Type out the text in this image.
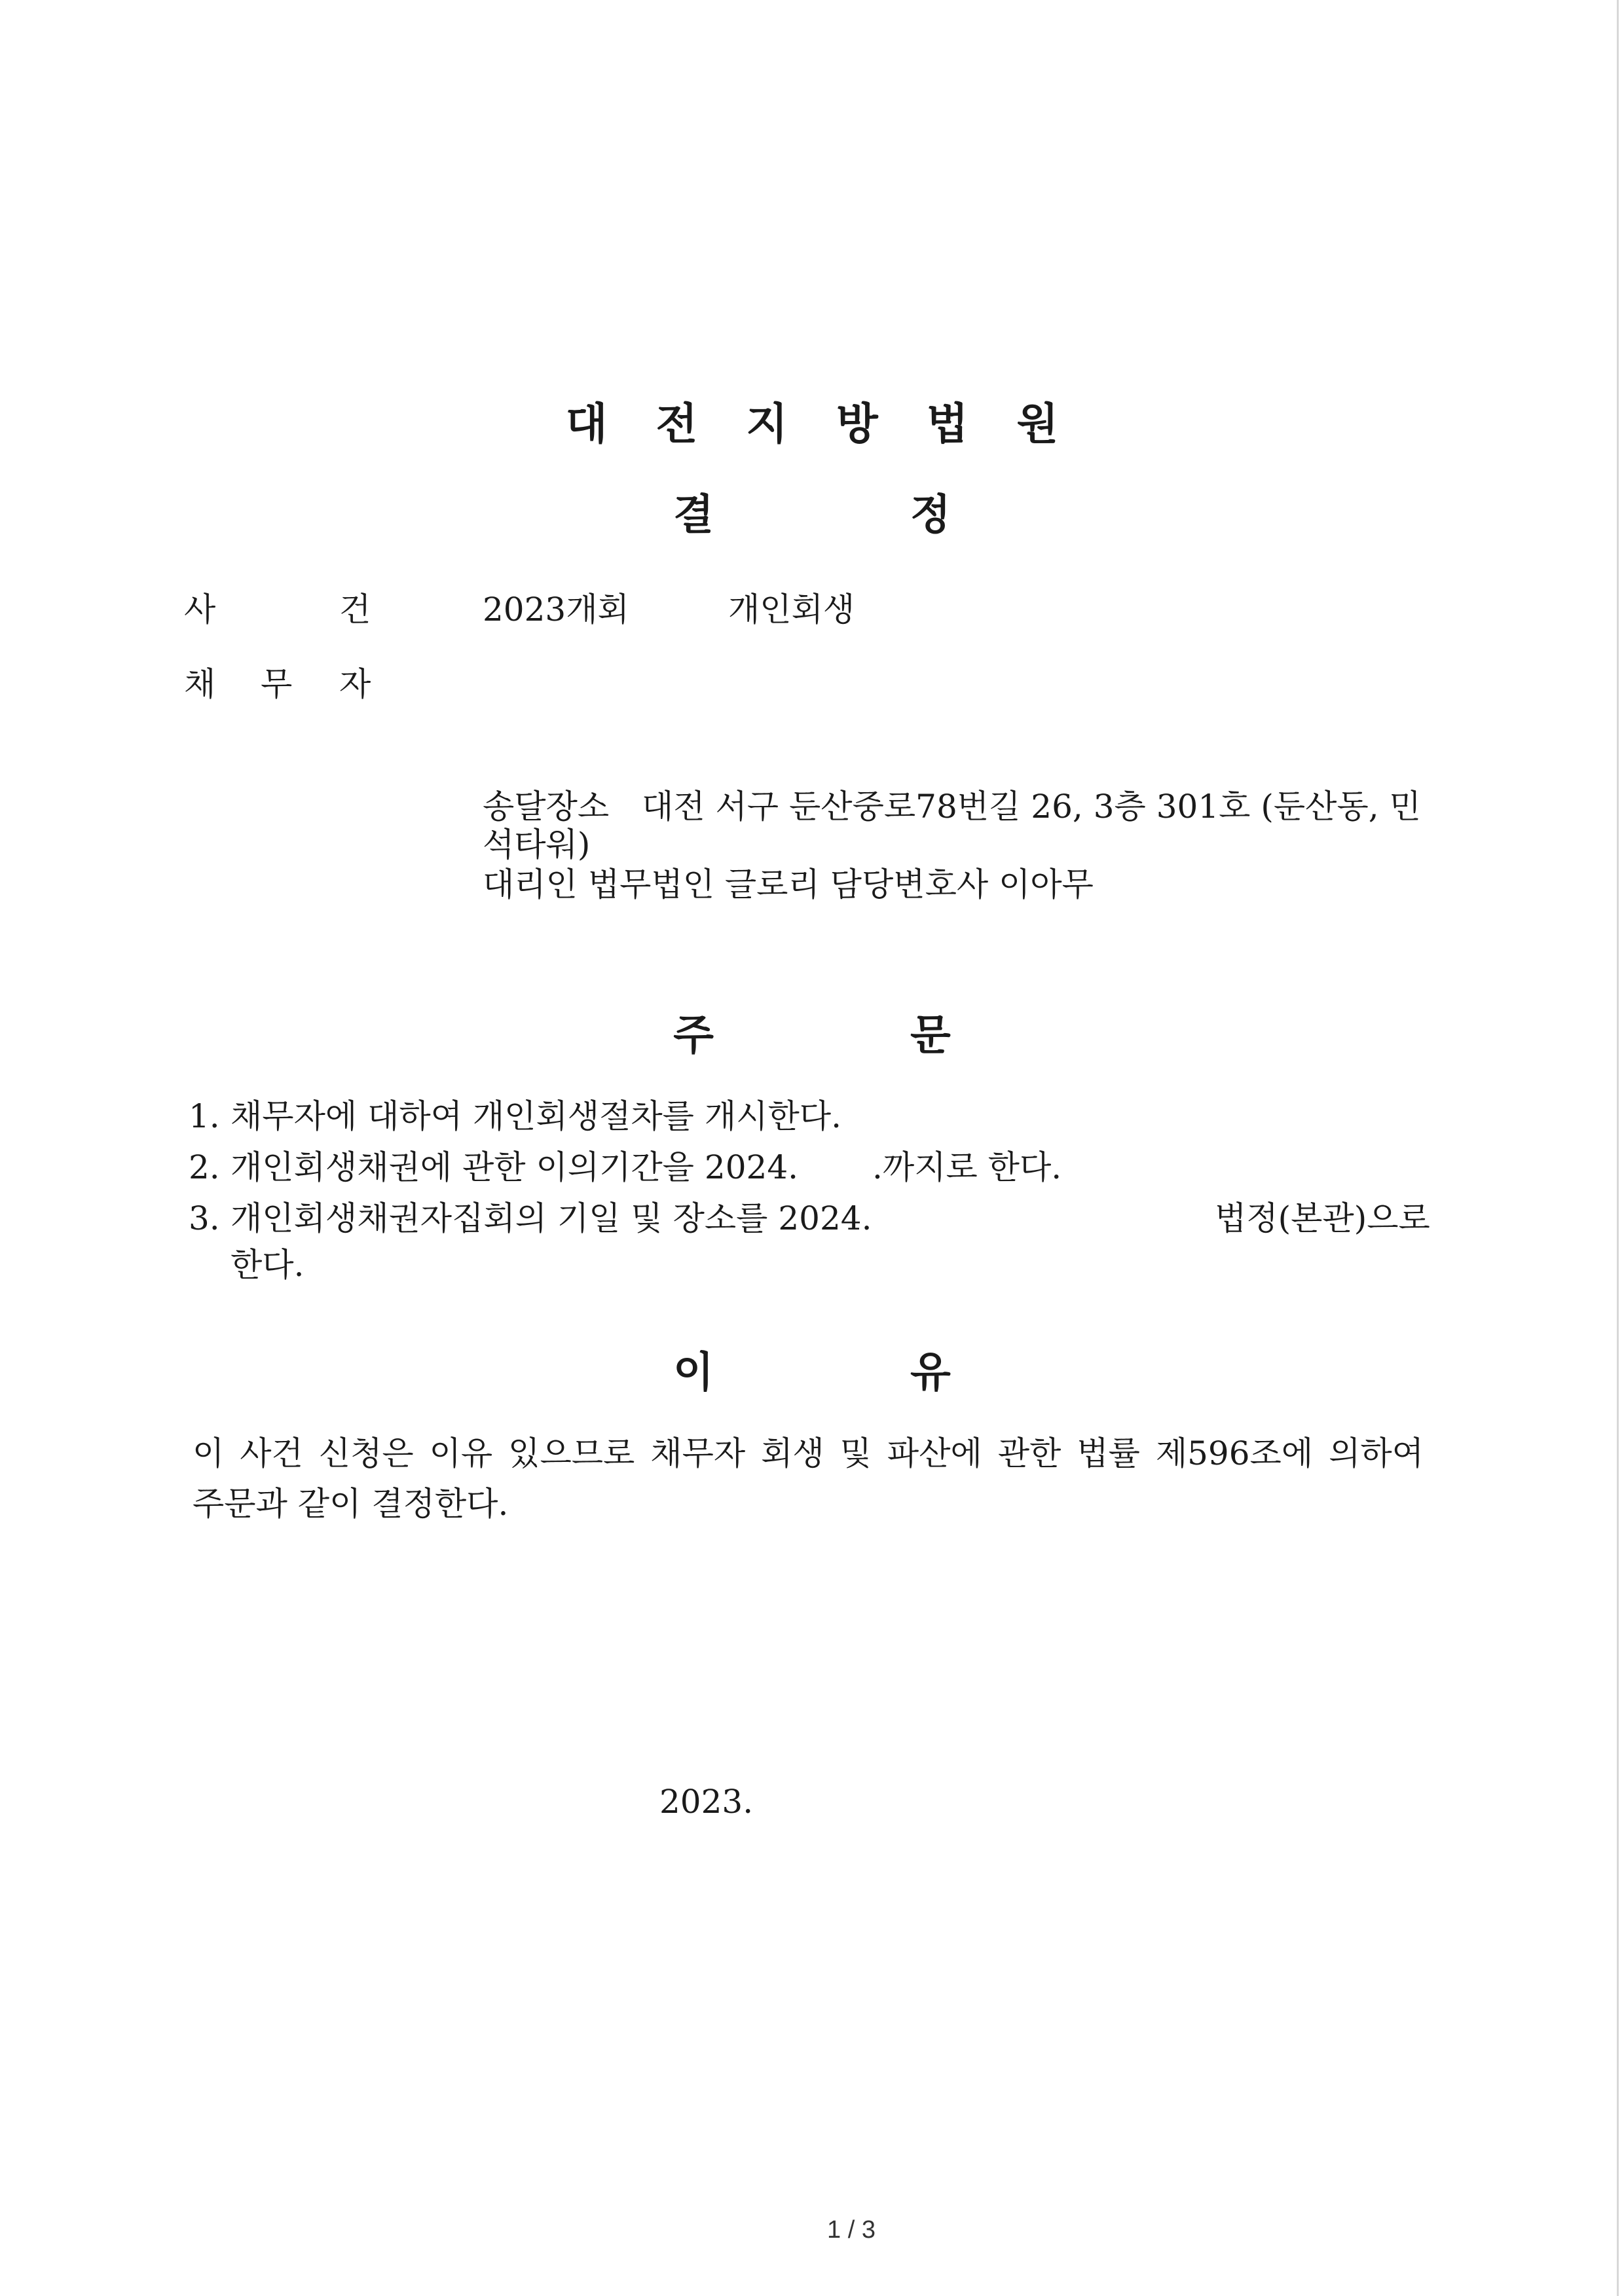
대 전 지 방 법 원
결	정
사	건	2023개회	개인회생
채 무 자
송달장소 대전 서구 둔산중로78번길 26, 3층 301호 (둔산동, 민
석타워)
대리인 법무법인 글로리 담당변호사 이아무
주	문
1. 채무자에 대하여 개인회생절차를 개시한다.
2. 개인회생채권에 관한 이의기간을 2024. .까지로 한다.
3. 개인회생채권자집회의 기일 및 장소를 2024.	법정(본관)으로
한다.
이	유
이 사건 신청은 이유 있으므로 채무자 회생 및 파산에 관한 법률 제596조에 의하여
주문과 같이 결정한다.
2023.
1 / 3
